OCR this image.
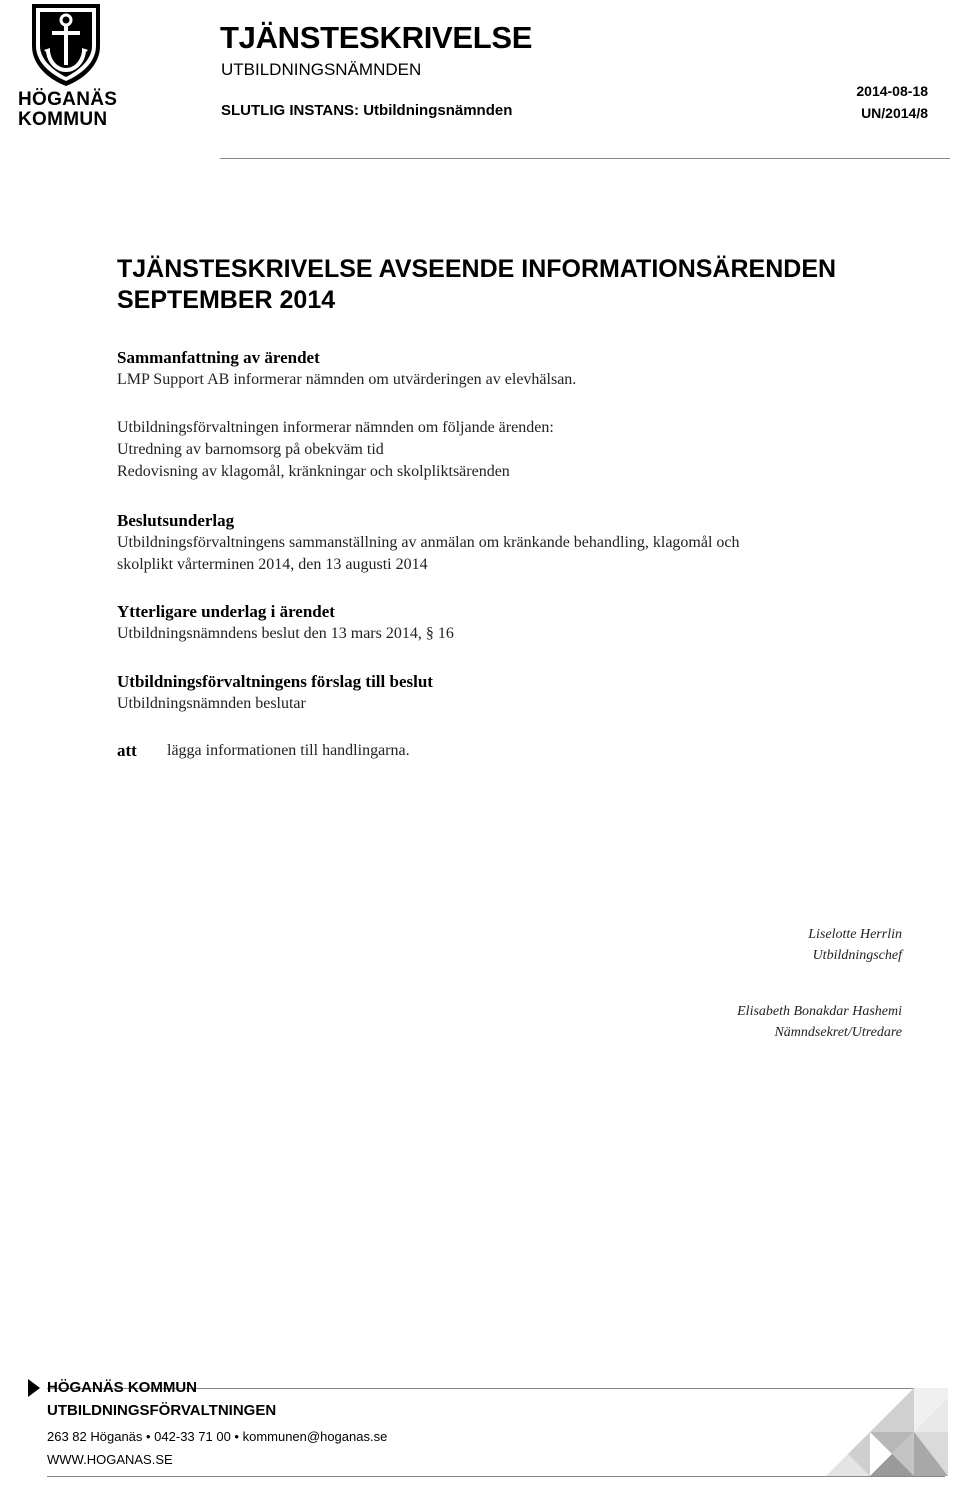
HÖGANÄS
KOMMUN
TJÄNSTESKRIVELSE
UTBILDNINGSNÄMNDEN
SLUTLIG INSTANS: Utbildningsnämnden
2014-08-18
UN/2014/8
TJÄNSTESKRIVELSE AVSEENDE INFORMATIONSÄRENDEN
SEPTEMBER 2014
Sammanfattning av ärendet
LMP Support AB informerar nämnden om utvärderingen av elevhälsan.
Utbildningsförvaltningen informerar nämnden om följande ärenden:
Utredning av barnomsorg på obekväm tid
Redovisning av klagomål, kränkningar och skolpliktsärenden
Beslutsunderlag
Utbildningsförvaltningens sammanställning av anmälan om kränkande behandling, klagomål och
skolplikt vårterminen 2014, den 13 augusti 2014
Ytterligare underlag i ärendet
Utbildningsnämndens beslut den 13 mars 2014, § 16
Utbildningsförvaltningens förslag till beslut
Utbildningsnämnden beslutar
att lägga informationen till handlingarna.
Liselotte Herrlin
Utbildningschef
Elisabeth Bonakdar Hashemi
Nämndsekret/Utredare
HÖGANÄS KOMMUN
UTBILDNINGSFÖRVALTNINGEN
263 82 Höganäs • 042-33 71 00 • kommunen@hoganas.se
WWW.HOGANAS.SE
